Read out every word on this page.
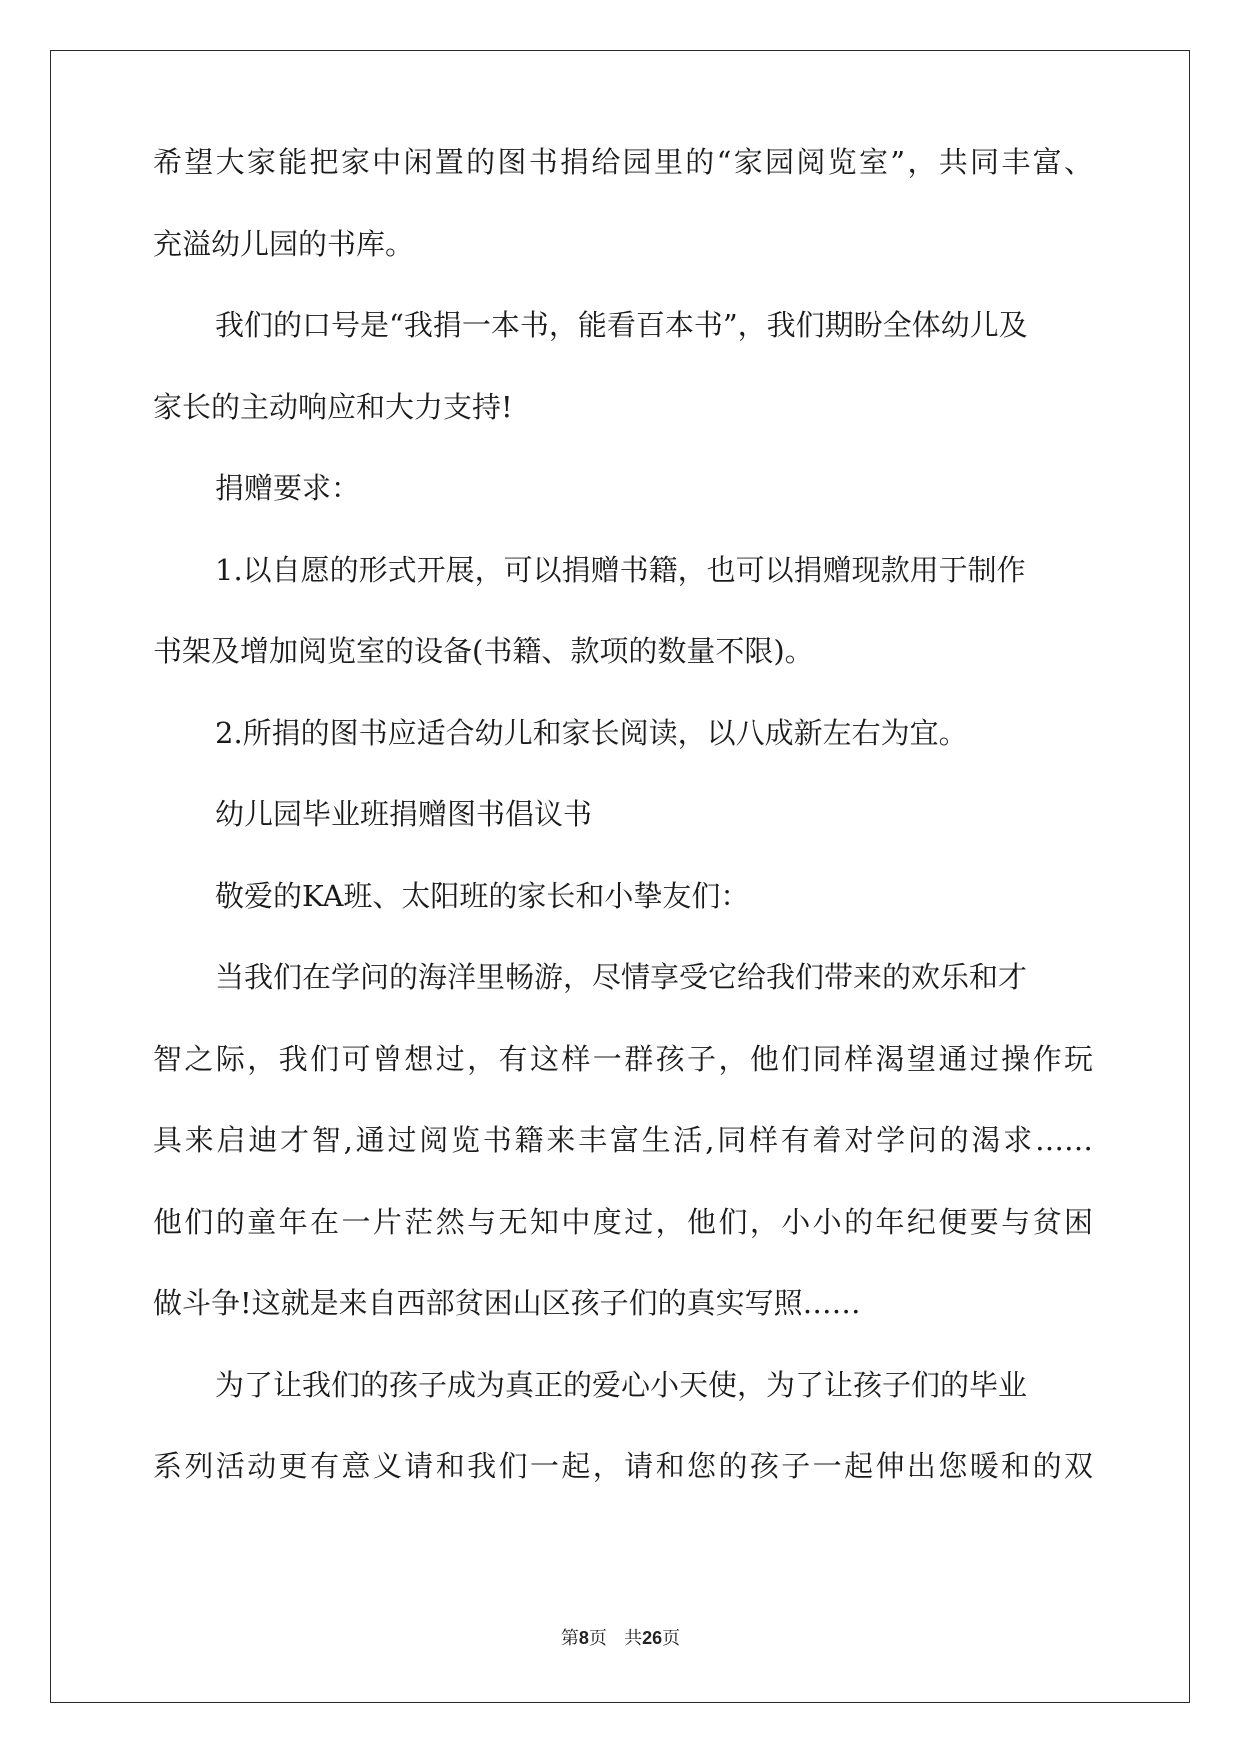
希望大家能把家中闲置的图书捐给园里的“家园阅览室”，共同丰富、
充溢幼儿园的书库。
我们的口号是“我捐一本书，能看百本书”，我们期盼全体幼儿及
家长的主动响应和大力支持!
捐赠要求：
1.以自愿的形式开展，可以捐赠书籍，也可以捐赠现款用于制作
书架及增加阅览室的设备(书籍、款项的数量不限)。
2.所捐的图书应适合幼儿和家长阅读，以八成新左右为宜。
幼儿园毕业班捐赠图书倡议书
敬爱的KA班、太阳班的家长和小挚友们：
当我们在学问的海洋里畅游，尽情享受它给我们带来的欢乐和才
智之际，我们可曾想过，有这样一群孩子，他们同样渴望通过操作玩
具来启迪才智,通过阅览书籍来丰富生活,同样有着对学问的渴求……
他们的童年在一片茫然与无知中度过，他们，小小的年纪便要与贫困
做斗争!这就是来自西部贫困山区孩子们的真实写照……
为了让我们的孩子成为真正的爱心小天使，为了让孩子们的毕业
系列活动更有意义请和我们一起，请和您的孩子一起伸出您暖和的双
第8页 共26页
